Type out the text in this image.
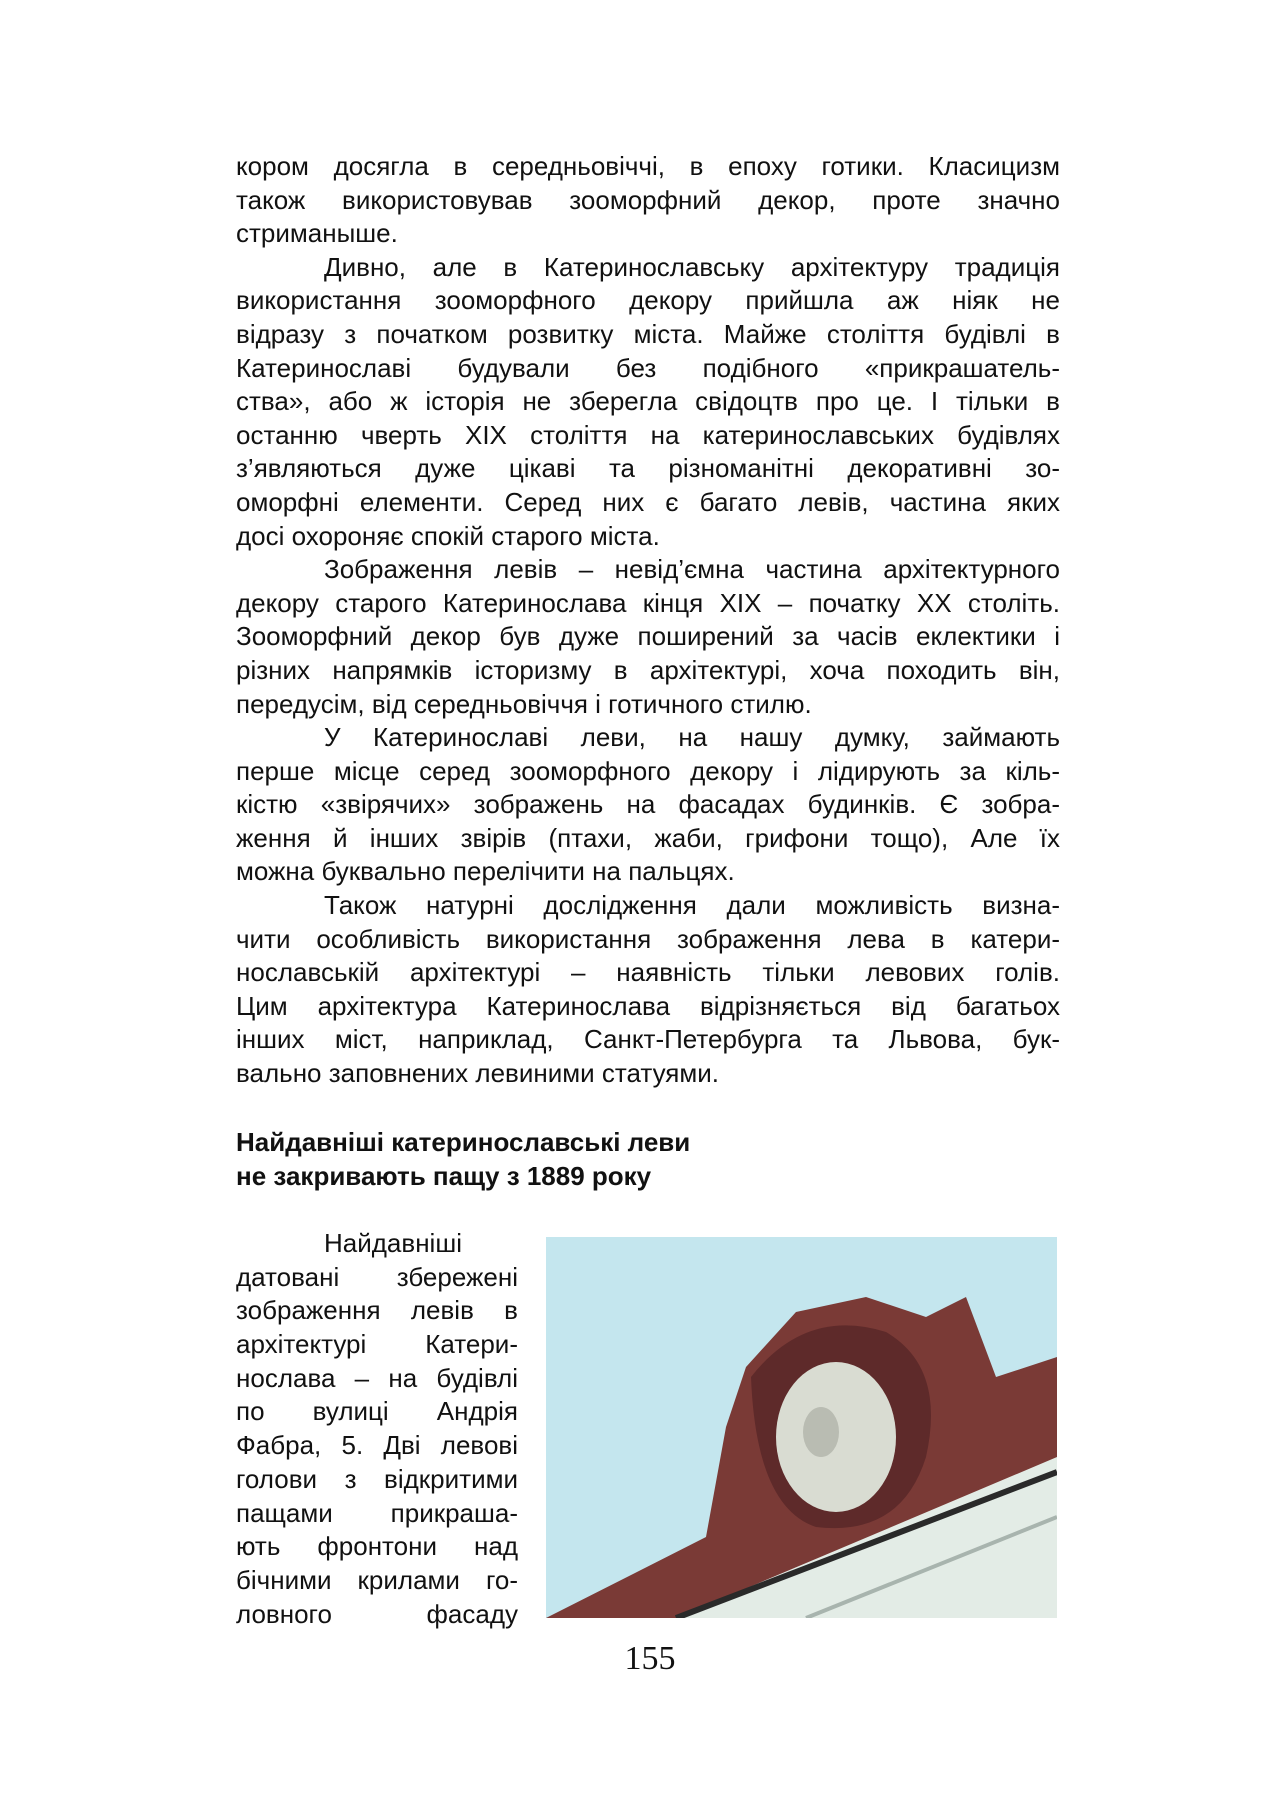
кором досягла в середньовіччі, в епоху готики. Класицизм
також використовував зооморфний декор, проте значно
стриманыше.
Дивно, але в Катеринославську архітектуру традиція
використання зооморфного декору прийшла аж ніяк не
відразу з початком розвитку міста. Майже століття будівлі в
Катеринославі будували без подібного «прикрашатель-
ства», або ж історія не зберегла свідоцтв про це. І тільки в
останню чверть XIX століття на катеринославських будівлях
з’являються дуже цікаві та різноманітні декоративні зо-
оморфні елементи. Серед них є багато левів, частина яких
досі охороняє спокій старого міста.
Зображення левів – невід’ємна частина архітектурного
декору старого Катеринослава кінця XIX – початку XX століть.
Зооморфний декор був дуже поширений за часів еклектики і
різних напрямків історизму в архітектурі, хоча походить він,
передусім, від середньовіччя і готичного стилю.
У Катеринославі леви, на нашу думку, займають
перше місце серед зооморфного декору і лідирують за кіль-
кістю «звірячих» зображень на фасадах будинків. Є зобра-
ження й інших звірів (птахи, жаби, грифони тощо), Але їх
можна буквально перелічити на пальцях.
Також натурні дослідження дали можливість визна-
чити особливість використання зображення лева в катери-
нославській архітектурі – наявність тільки левових голів.
Цим архітектура Катеринослава відрізняється від багатьох
інших міст, наприклад, Санкт-Петербурга та Львова, бук-
вально заповнених левиними статуями.
Найдавніші катеринославські леви
не закривають пащу з 1889 року
Найдавніші
датовані збережені
зображення левів в
архітектурі Катери-
нослава – на будівлі
по вулиці Андрія
Фабра, 5. Дві левові
голови з відкритими
пащами прикраша-
ють фронтони над
бічними крилами го-
ловного фасаду
155
